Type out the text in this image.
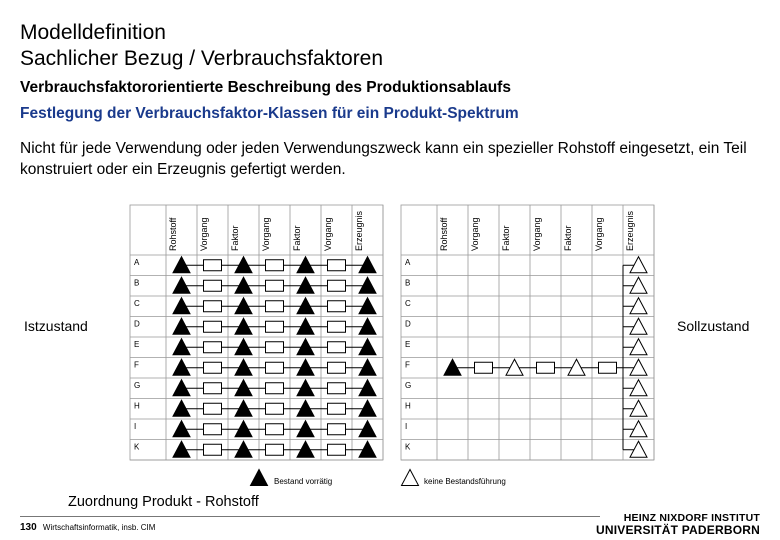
Modelldefinition
Sachlicher Bezug / Verbrauchsfaktoren
Verbrauchsfaktororientierte Beschreibung des Produktionsablaufs
Festlegung der Verbrauchsfaktor-Klassen für ein Produkt-Spektrum
Nicht für jede Verwendung oder jeden Verwendungszweck kann ein spezieller Rohstoff eingesetzt, ein Teil konstruiert oder ein Erzeugnis gefertigt werden.
Istzustand	Sollzustand
Rohstoff Vorgang Faktor Vorgang Faktor Vorgang Erzeugnis
A
B
C
D
E
F
G
H
I
K
Rohstoff Vorgang Faktor Vorgang Faktor Vorgang Erzeugnis
A
B
C
D
E
F
G
H
I
K
Bestand vorrätig	keine Bestandsführung
Zuordnung Produkt - Rohstoff
130 Wirtschaftsinformatik, insb. CIM
HEINZ NIXDORF INSTITUT
UNIVERSITÄT PADERBORN
